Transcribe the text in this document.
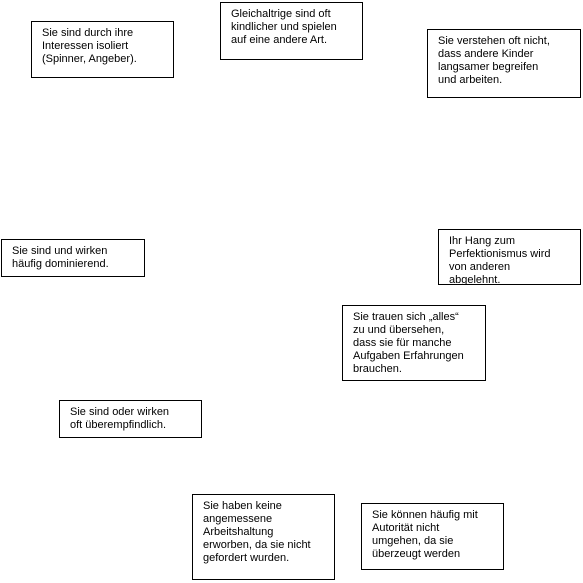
Sie sind durch ihre
Interessen isoliert
(Spinner, Angeber).
Gleichaltrige sind oft
kindlicher und spielen
auf eine andere Art.	Sie verstehen oft nicht,
dass andere Kinder
langsamer begreifen
und arbeiten.
Sie sind und wirken
häufig dominierend.
Ihr Hang zum
Perfektionismus wird
von anderen
abgelehnt.
Sie trauen sich „alles“
zu und übersehen,
dass sie für manche
Aufgaben Erfahrungen
brauchen.
Sie sind oder wirken
oft überempfindlich.
Sie haben keine
angemessene
Arbeitshaltung
erworben, da sie nicht
gefordert wurden.
Sie können häufig mit
Autorität nicht
umgehen, da sie
überzeugt werden
